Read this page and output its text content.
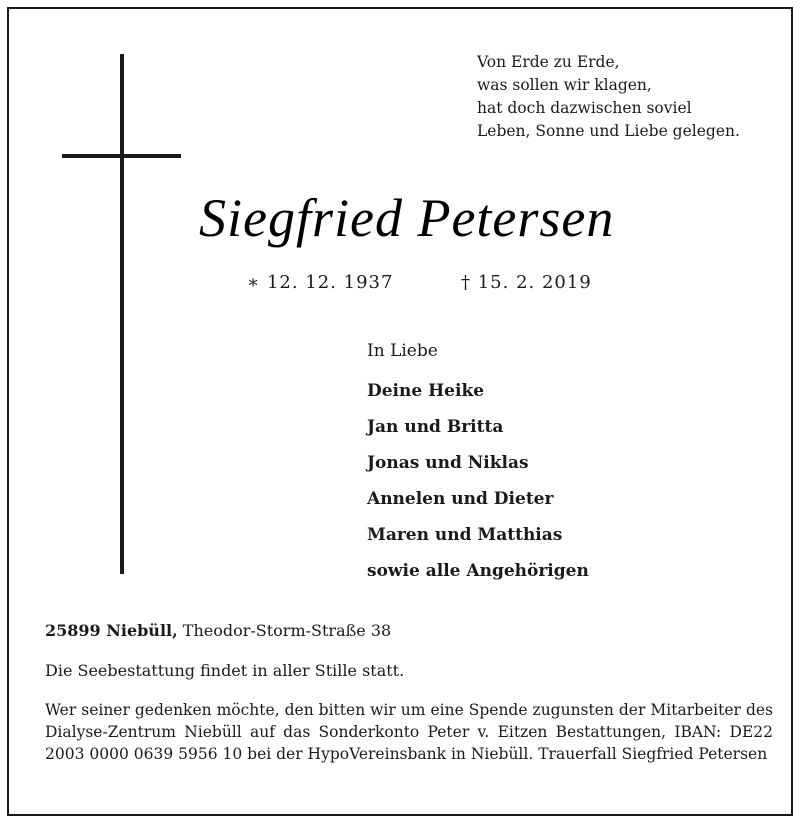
Von Erde zu Erde,
was sollen wir klagen,
hat doch dazwischen soviel
Leben, Sonne und Liebe gelegen.
Siegfried Petersen
∗ 12. 12. 1937	† 15. 2. 2019
In Liebe
Deine Heike
Jan und Britta
Jonas und Niklas
Annelen und Dieter
Maren und Matthias
sowie alle Angehörigen
25899 Niebüll, Theodor-Storm-Straße 38
Die Seebestattung findet in aller Stille statt.
Wer seiner gedenken möchte, den bitten wir um eine Spende zugunsten der Mitarbeiter des Dialyse-Zentrum Niebüll auf das Sonderkonto Peter v. Eitzen Bestattungen, IBAN: DE22 2003 0000 0639 5956 10 bei der HypoVereinsbank in Niebüll. Trauerfall Siegfried Petersen
